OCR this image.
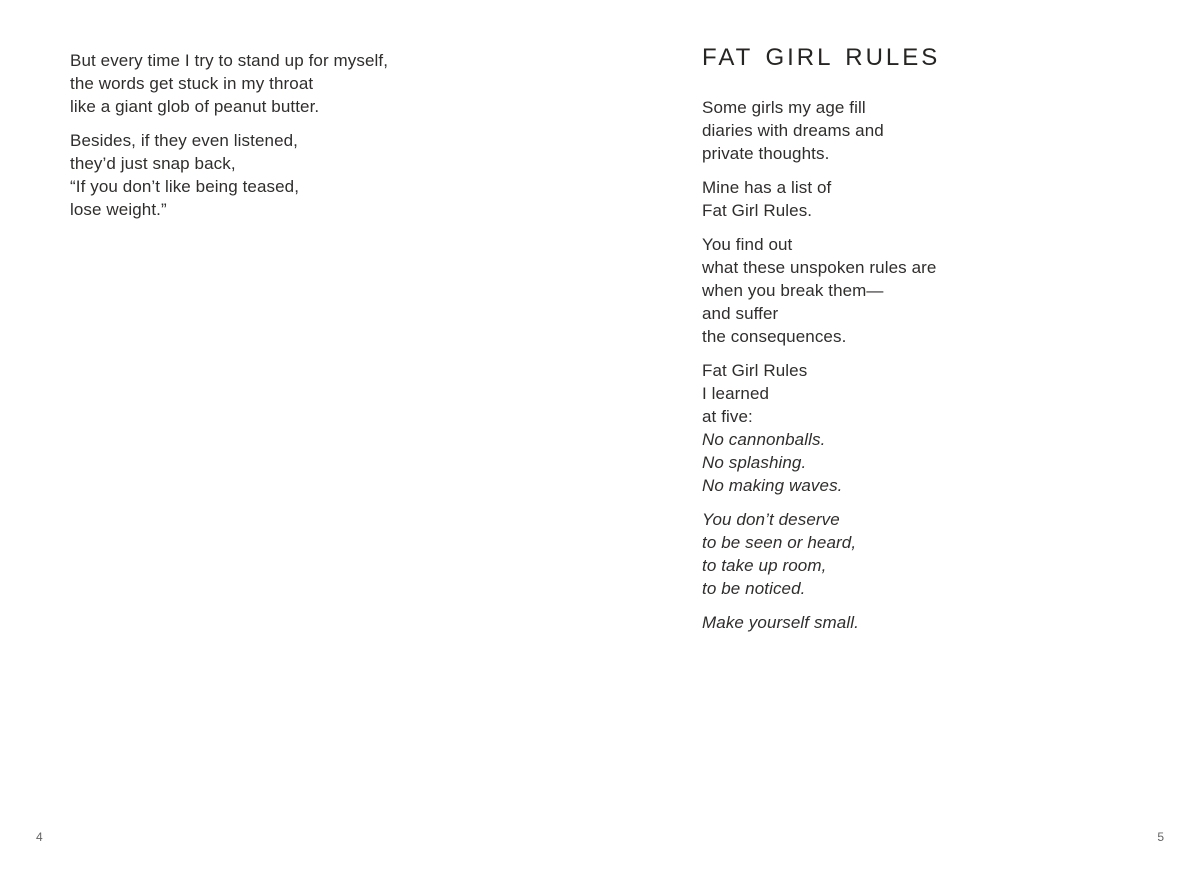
But every time I try to stand up for myself,
the words get stuck in my throat
like a giant glob of peanut butter.

Besides, if they even listened,
they’d just snap back,
“If you don’t like being teased,
lose weight.”

4
FAT GIRL RULES

Some girls my age fill
diaries with dreams and
private thoughts.

Mine has a list of
Fat Girl Rules.

You find out
what these unspoken rules are
when you break them—
and suffer
the consequences.

Fat Girl Rules
I learned
at five:
No cannonballs.
No splashing.
No making waves.

You don’t deserve
to be seen or heard,
to take up room,
to be noticed.

Make yourself small.

5
